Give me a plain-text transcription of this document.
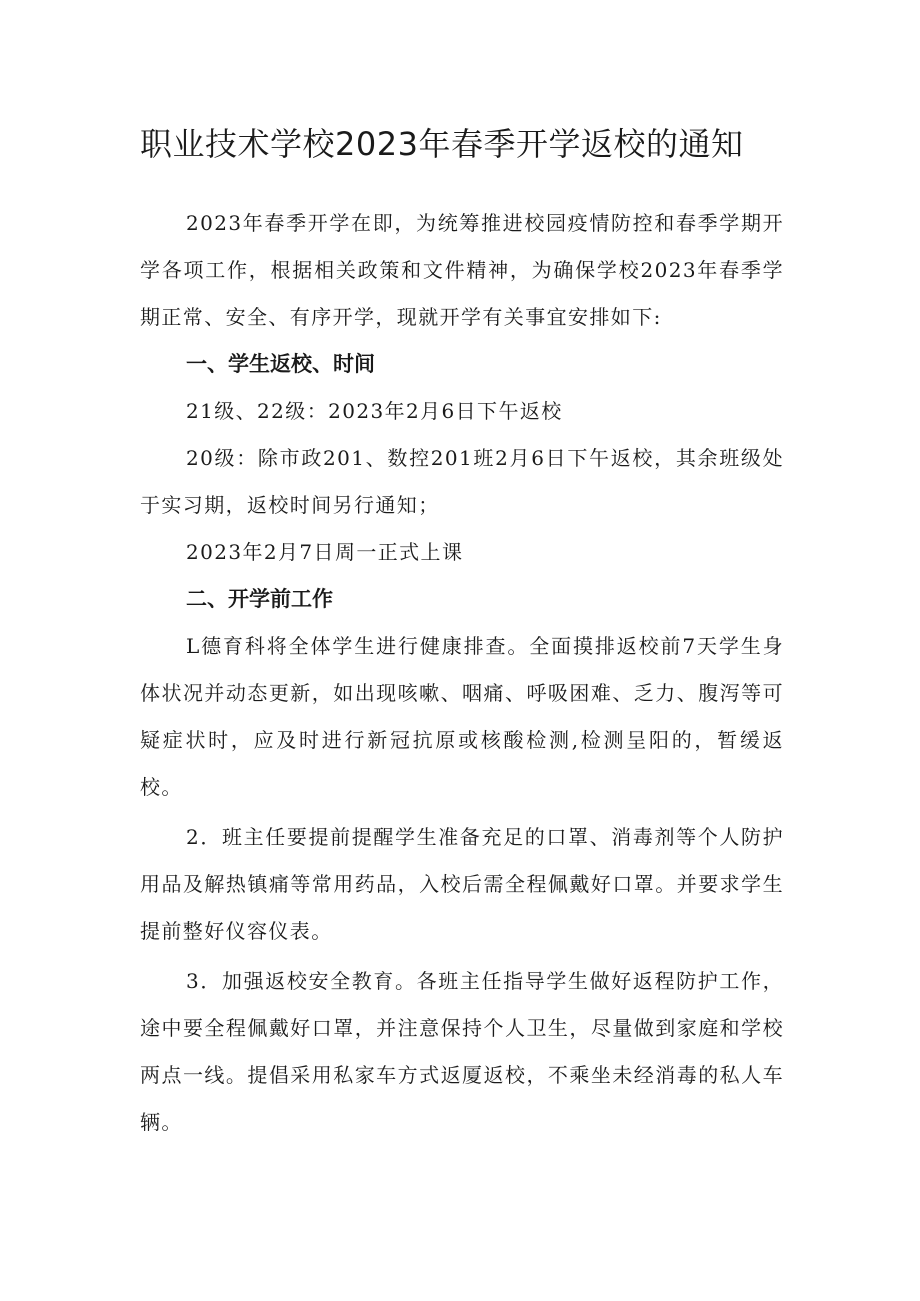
职业技术学校2023年春季开学返校的通知

2023年春季开学在即，为统筹推进校园疫情防控和春季学期开学各项工作，根据相关政策和文件精神，为确保学校2023年春季学期正常、安全、有序开学，现就开学有关事宜安排如下:

一、学生返校、时间

21级、22级：2023年2月6日下午返校

20级：除市政201、数控201班2月6日下午返校，其余班级处于实习期，返校时间另行通知；

2023年2月7日周一正式上课

二、开学前工作

L德育科将全体学生进行健康排查。全面摸排返校前7天学生身体状况并动态更新，如出现咳嗽、咽痛、呼吸困难、乏力、腹泻等可疑症状时，应及时进行新冠抗原或核酸检测,检测呈阳的，暂缓返校。

2．班主任要提前提醒学生准备充足的口罩、消毒剂等个人防护用品及解热镇痛等常用药品，入校后需全程佩戴好口罩。并要求学生提前整好仪容仪表。

3．加强返校安全教育。各班主任指导学生做好返程防护工作，途中要全程佩戴好口罩，并注意保持个人卫生，尽量做到家庭和学校两点一线。提倡采用私家车方式返厦返校，不乘坐未经消毒的私人车辆。
